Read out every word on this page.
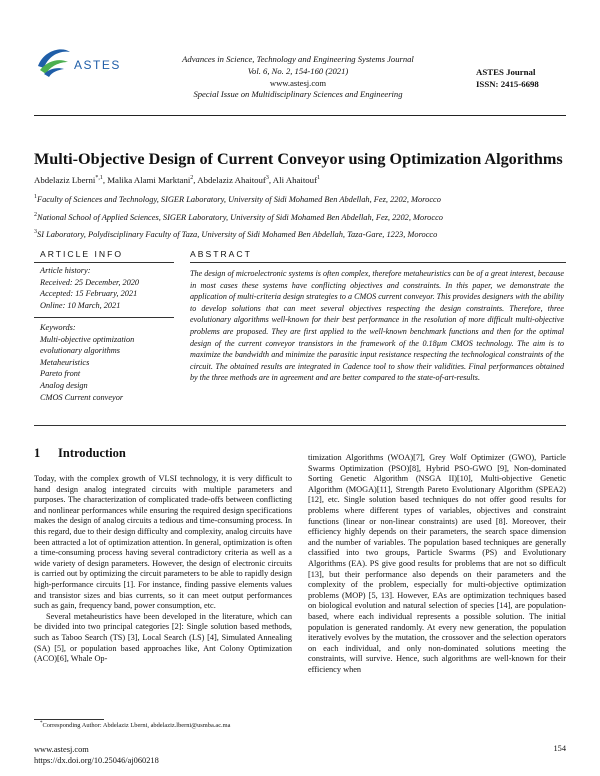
ASTES	Advances in Science, Technology and Engineering Systems Journal
Vol. 6, No. 2, 154-160 (2021)
www.astesj.com
Special Issue on Multidisciplinary Sciences and Engineering
ASTES Journal
ISSN: 2415-6698
Multi-Objective Design of Current Conveyor using Optimization Algorithms
Abdelaziz Lberni$^{*,1}$, Malika Alami Marktani$^2$, Abdelaziz Ahaitouf$^3$, Ali Ahaitouf$^1$
$^1$Faculty of Sciences and Technology, SIGER Laboratory, University of Sidi Mohamed Ben Abdellah, Fez, 2202, Morocco
$^2$National School of Applied Sciences, SIGER Laboratory, University of Sidi Mohamed Ben Abdellah, Fez, 2202, Morocco
$^3$SI Laboratory, Polydisciplinary Faculty of Taza, University of Sidi Mohamed Ben Abdellah, Taza-Gare, 1223, Morocco
ARTICLE INFO	ABSTRACT
Article history:
Received: 25 December, 2020
Accepted: 15 February, 2021
Online: 10 March, 2021
Keywords:
Multi-objective optimization
evolutionary algorithms
Metaheuristics
Pareto front
Analog design
CMOS Current conveyor
The design of microelectronic systems is often complex, therefore metaheuristics can be of a great interest, because in most cases these systems have conflicting objectives and constraints. In this paper, we demonstrate the application of multi-criteria design strategies to a CMOS current conveyor. This provides designers with the ability to develop solutions that can meet several objectives respecting the design constraints. Therefore, three evolutionary algorithms well-known for their best performance in the resolution of more difficult multi-objective problems are proposed. They are first applied to the well-known benchmark functions and then for the optimal design of the current conveyor transistors in the framework of the 0.18µm CMOS technology. The aim is to maximize the bandwidth and minimize the parasitic input resistance respecting the technological constraints of the circuit. The obtained results are integrated in Cadence tool to show their validities. Final performances obtained by the three methods are in agreement and are better compared to the state-of-art-results.
1 Introduction

Today, with the complex growth of VLSI technology, it is very difficult to hand design analog integrated circuits with multiple parameters and purposes. The characterization of complicated trade-offs between conflicting and nonlinear performances while ensuring the required design specifications makes the design of analog circuits a tedious and time-consuming process. In this regard, due to their design difficulty and complexity, analog circuits have been attracted a lot of optimization attention. In general, optimization is often a time-consuming process having several contradictory criteria as well as a wide variety of design parameters. However, the design of electronic circuits is carried out by optimizing the circuit parameters to be able to rapidly design high-performance circuits [1]. For instance, finding passive elements values and transistor sizes and bias currents, so it can meet output performances such as gain, frequency band, power consumption, etc.

Several metaheuristics have been developed in the literature, which can be divided into two principal categories [2]: Single solution based methods, such as Taboo Search (TS) [3], Local Search (LS) [4], Simulated Annealing (SA) [5], or population based approaches like, Ant Colony Optimization (ACO)[6], Whale Op-

timization Algorithms (WOA)[7], Grey Wolf Optimizer (GWO), Particle Swarms Optimization (PSO)[8], Hybrid PSO-GWO [9], Non-dominated Sorting Genetic Algorithm (NSGA II)[10], Multi-objective Genetic Algorithm (MOGA)[11], Strength Pareto Evolutionary Algorithm (SPEA2)[12], etc. Single solution based techniques do not offer good results for problems where different types of variables, objectives and constraint functions (linear or non-linear constraints) are used [8]. Moreover, their efficiency highly depends on their parameters, the search space dimension and the number of variables. The population based techniques are generally classified into two groups, Particle Swarms (PS) and Evolutionary Algorithms (EA). PS give good results for problems that are not so difficult [13], but their performance also depends on their parameters and the complexity of the problem, especially for multi-objective optimization problems (MOP) [5, 13]. However, EAs are optimization techniques based on biological evolution and natural selection of species [14], are population-based, where each individual represents a possible solution. The initial population is generated randomly. At every new generation, the population iteratively evolves by the mutation, the crossover and the selection operators on each individual, and only non-dominated solutions meeting the constraints, will survive. Hence, such algorithms are well-known for their efficiency when

*Corresponding Author: Abdelaziz Lberni, abdelaziz.lberni@usmba.ac.ma
www.astesj.com
https://dx.doi.org/10.25046/aj060218
154
